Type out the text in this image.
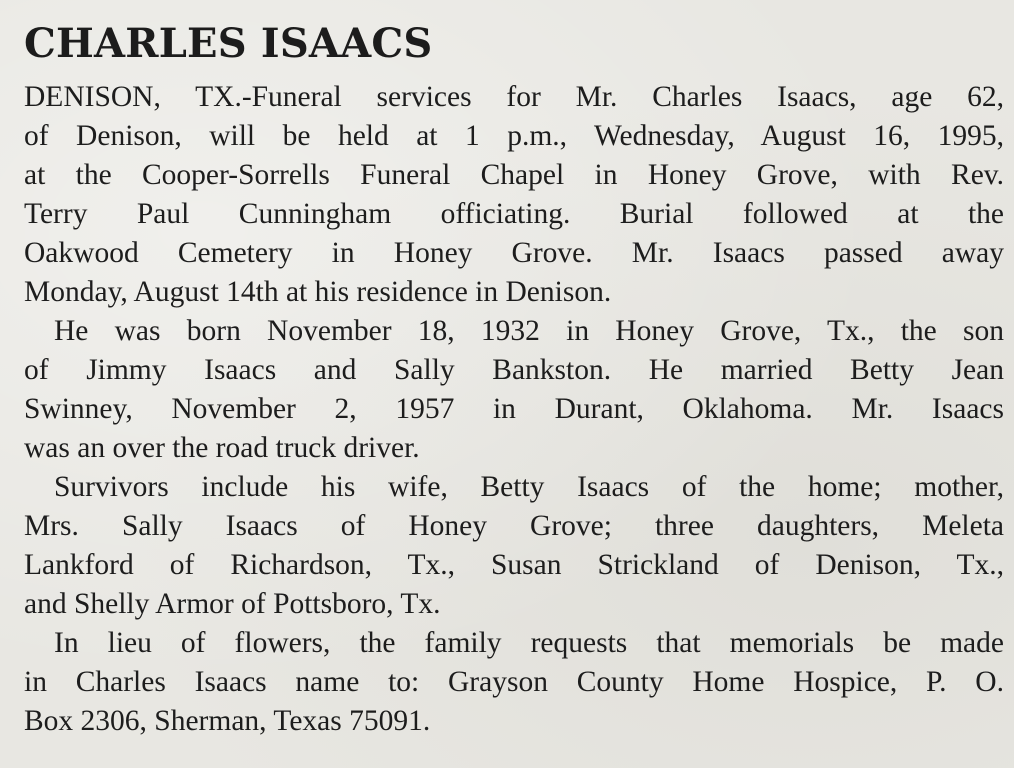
CHARLES ISAACS
DENISON, TX.-Funeral services for Mr. Charles Isaacs, age 62,
of Denison, will be held at 1 p.m., Wednesday, August 16, 1995,
at the Cooper-Sorrells Funeral Chapel in Honey Grove, with Rev.
Terry Paul Cunningham officiating. Burial followed at the
Oakwood Cemetery in Honey Grove. Mr. Isaacs passed away
Monday, August 14th at his residence in Denison.
He was born November 18, 1932 in Honey Grove, Tx., the son
of Jimmy Isaacs and Sally Bankston. He married Betty Jean
Swinney, November 2, 1957 in Durant, Oklahoma. Mr. Isaacs
was an over the road truck driver.
Survivors include his wife, Betty Isaacs of the home; mother,
Mrs. Sally Isaacs of Honey Grove; three daughters, Meleta
Lankford of Richardson, Tx., Susan Strickland of Denison, Tx.,
and Shelly Armor of Pottsboro, Tx.
In lieu of flowers, the family requests that memorials be made
in Charles Isaacs name to: Grayson County Home Hospice, P. O.
Box 2306, Sherman, Texas 75091.
